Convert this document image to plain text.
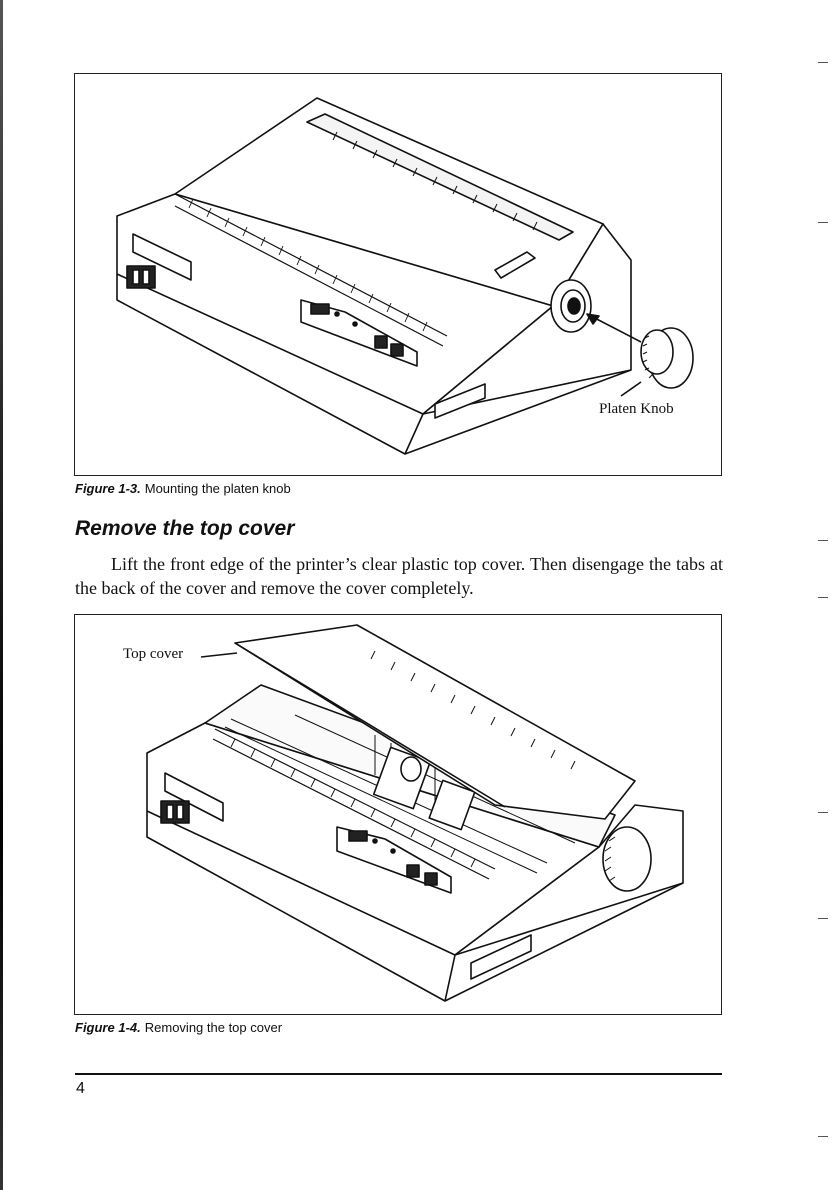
Platen Knob
Figure 1-3. Mounting the platen knob
Remove the top cover

Lift the front edge of the printer’s clear plastic top cover. Then disengage the tabs at the back of the cover and remove the cover completely.

Top cover
Figure 1-4. Removing the top cover
4
